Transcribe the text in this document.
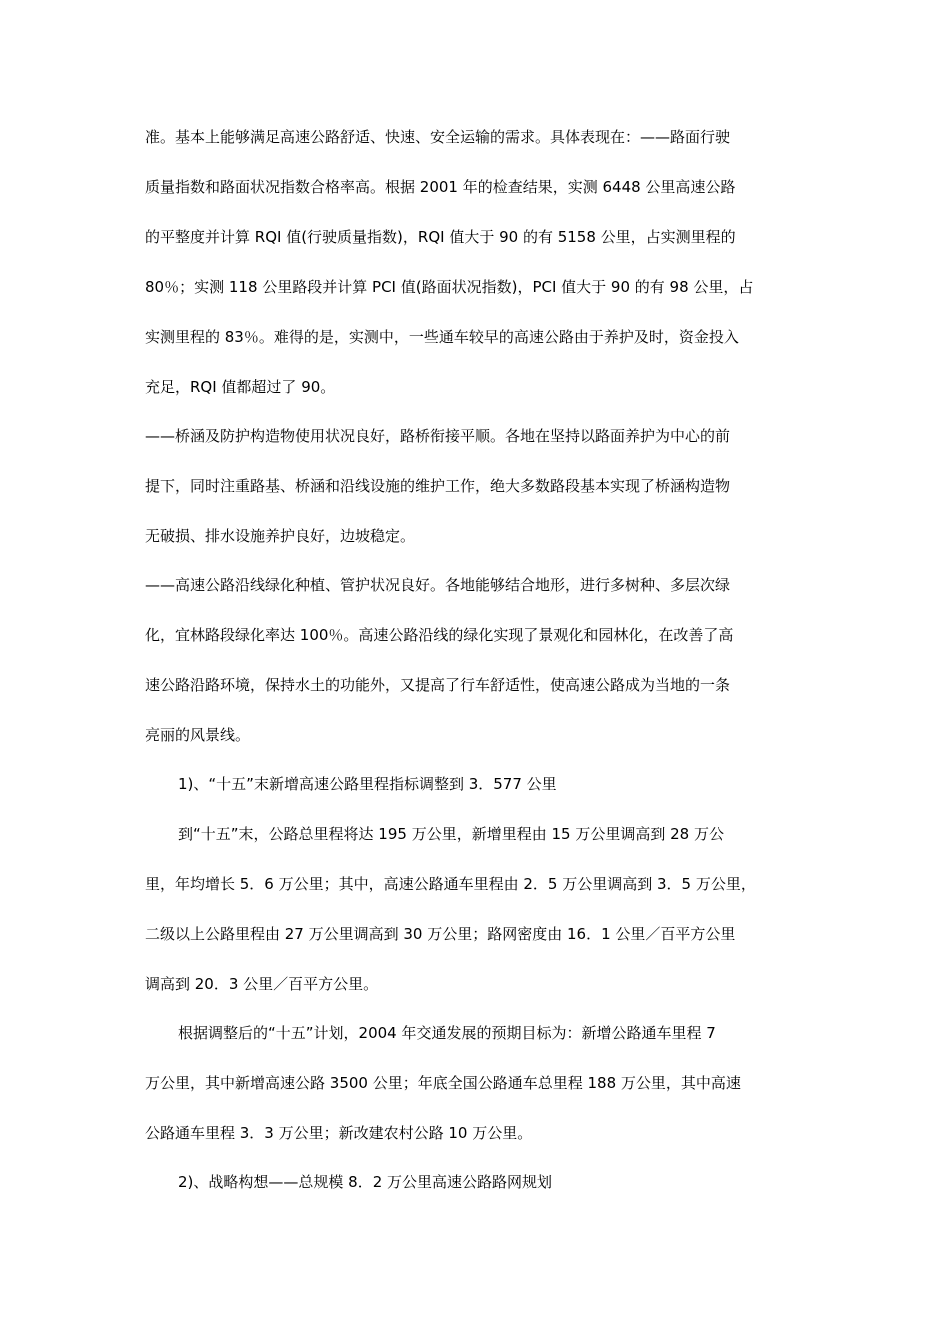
准。基本上能够满足高速公路舒适、快速、安全运输的需求。具体表现在：——路面行驶
质量指数和路面状况指数合格率高。根据 2001 年的检查结果，实测 6448 公里高速公路
的平整度并计算 RQI 值(行驶质量指数)，RQI 值大于 90 的有 5158 公里，占实测里程的
80％；实测 118 公里路段并计算 PCI 值(路面状况指数)，PCI 值大于 90 的有 98 公里，占
实测里程的 83％。难得的是，实测中，一些通车较早的高速公路由于养护及时，资金投入
充足，RQI 值都超过了 90。
——桥涵及防护构造物使用状况良好，路桥衔接平顺。各地在坚持以路面养护为中心的前
提下，同时注重路基、桥涵和沿线设施的维护工作，绝大多数路段基本实现了桥涵构造物
无破损、排水设施养护良好，边坡稳定。
——高速公路沿线绿化种植、管护状况良好。各地能够结合地形，进行多树种、多层次绿
化，宜林路段绿化率达 100％。高速公路沿线的绿化实现了景观化和园林化，在改善了高
速公路沿路环境，保持水土的功能外，又提高了行车舒适性，使高速公路成为当地的一条
亮丽的风景线。
1)、“十五”末新增高速公路里程指标调整到 3．577 公里
到“十五”末，公路总里程将达 195 万公里，新增里程由 15 万公里调高到 28 万公
里，年均增长 5．6 万公里；其中，高速公路通车里程由 2．5 万公里调高到 3．5 万公里，
二级以上公路里程由 27 万公里调高到 30 万公里；路网密度由 16．1 公里／百平方公里
调高到 20．3 公里／百平方公里。
根据调整后的“十五”计划，2004 年交通发展的预期目标为：新增公路通车里程 7
万公里，其中新增高速公路 3500 公里；年底全国公路通车总里程 188 万公里，其中高速
公路通车里程 3．3 万公里；新改建农村公路 10 万公里。
2)、战略构想——总规模 8．2 万公里高速公路路网规划
